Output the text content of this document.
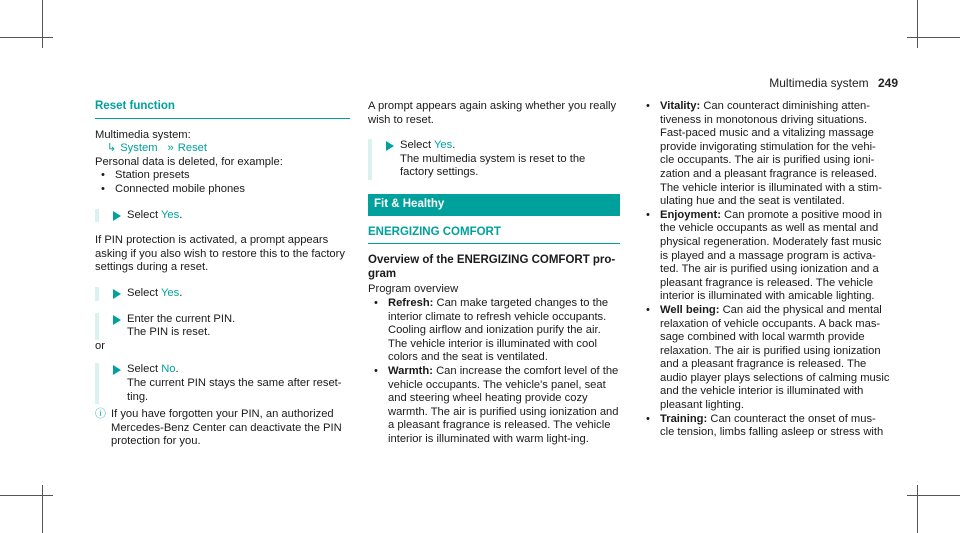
Multimedia system 249
Reset function

Multimedia system:

↳ System » Reset

Personal data is deleted, for example:

•
Station presets
•
Connected mobile phones
Select Yes.

If PIN protection is activated, a prompt appears asking if you also wish to restore this to the factory settings during a reset.

Select Yes.
Enter the current PIN.
The PIN is reset.

or

Select No.
The current PIN stays the same after reset-ting.
ⓘ If you have forgotten your PIN, an authorized Mercedes-Benz Center can deactivate the PIN protection for you.

A prompt appears again asking whether you really wish to reset.

Select Yes.
The multimedia system is reset to the factory settings.
Fit & Healthy
ENERGIZING COMFORT
Overview of the ENERGIZING COMFORT pro-gram

Program overview

•
Refresh: Can make targeted changes to the interior climate to refresh vehicle occupants. Cooling airflow and ionization purify the air. The vehicle interior is illuminated with cool colors and the seat is ventilated.
•
Warmth: Can increase the comfort level of the vehicle occupants. The vehicle's panel, seat and steering wheel heating provide cozy warmth. The air is purified using ionization and a pleasant fragrance is released. The vehicle interior is illuminated with warm light-ing.
•
Vitality: Can counteract diminishing atten-tiveness in monotonous driving situations. Fast-paced music and a vitalizing massage provide invigorating stimulation for the vehi-cle occupants. The air is purified using ioni-zation and a pleasant fragrance is released. The vehicle interior is illuminated with a stim-ulating hue and the seat is ventilated.
•
Enjoyment: Can promote a positive mood in the vehicle occupants as well as mental and physical regeneration. Moderately fast music is played and a massage program is activa-ted. The air is purified using ionization and a pleasant fragrance is released. The vehicle interior is illuminated with amicable lighting.
•
Well being: Can aid the physical and mental relaxation of vehicle occupants. A back mas-sage combined with local warmth provide relaxation. The air is purified using ionization and a pleasant fragrance is released. The audio player plays selections of calming music and the vehicle interior is illuminated with pleasant lighting.
•
Training: Can counteract the onset of mus-cle tension, limbs falling asleep or stress with
